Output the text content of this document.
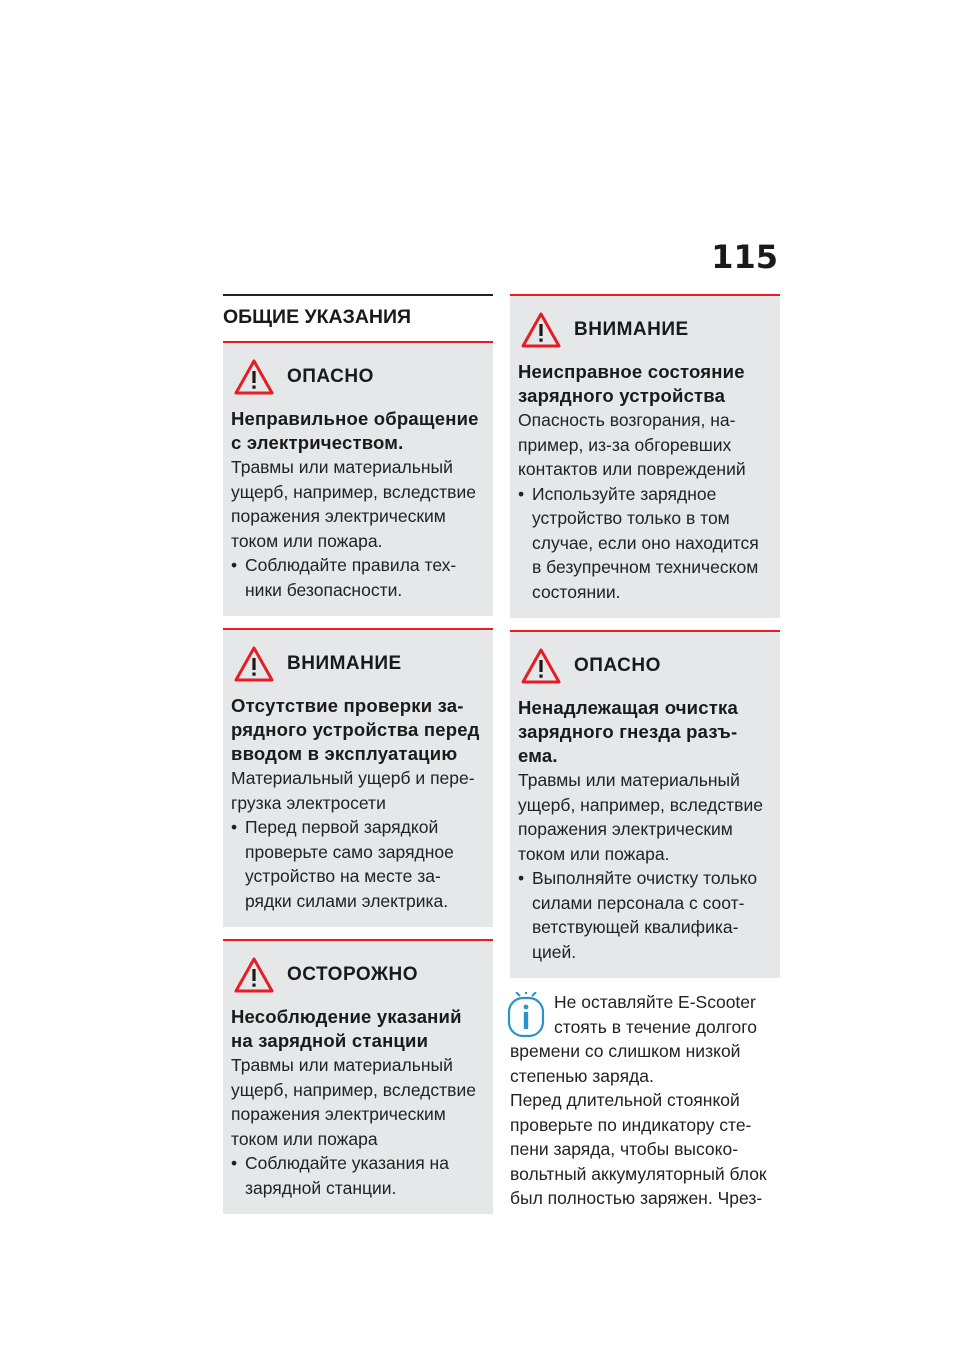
115
ОБЩИЕ УКАЗАНИЯ
ОПАСНО
Неправильное обращение
с электричеством.
Травмы или материальный
ущерб, например, вследствие
поражения электрическим
током или пожара.
• Соблюдайте правила тех-
ники безопасности.
ВНИМАНИЕ
Отсутствие проверки за-
рядного устройства перед
вводом в эксплуатацию
Материальный ущерб и пере-
грузка электросети
• Перед первой зарядкой
проверьте само зарядное
устройство на месте за-
рядки силами электрика.
ОСТОРОЖНО
Несоблюдение указаний
на зарядной станции
Травмы или материальный
ущерб, например, вследствие
поражения электрическим
током или пожара
• Соблюдайте указания на
зарядной станции.
ВНИМАНИЕ
Неисправное состояние
зарядного устройства
Опасность возгорания, на-
пример, из-за обгоревших
контактов или повреждений
• Используйте зарядное
устройство только в том
случае, если оно находится
в безупречном техническом
состоянии.
ОПАСНО
Ненадлежащая очистка
зарядного гнезда разъ-
ема.
Травмы или материальный
ущерб, например, вследствие
поражения электрическим
током или пожара.
• Выполняйте очистку только
силами персонала с соот-
ветствующей квалифика-
цией.
Не оставляйте E-Scooter
стоять в течение долгого
времени со слишком низкой
степенью заряда.
Перед длительной стоянкой
проверьте по индикатору сте-
пени заряда, чтобы высоко-
вольтный аккумуляторный блок
был полностью заряжен. Чрез-
